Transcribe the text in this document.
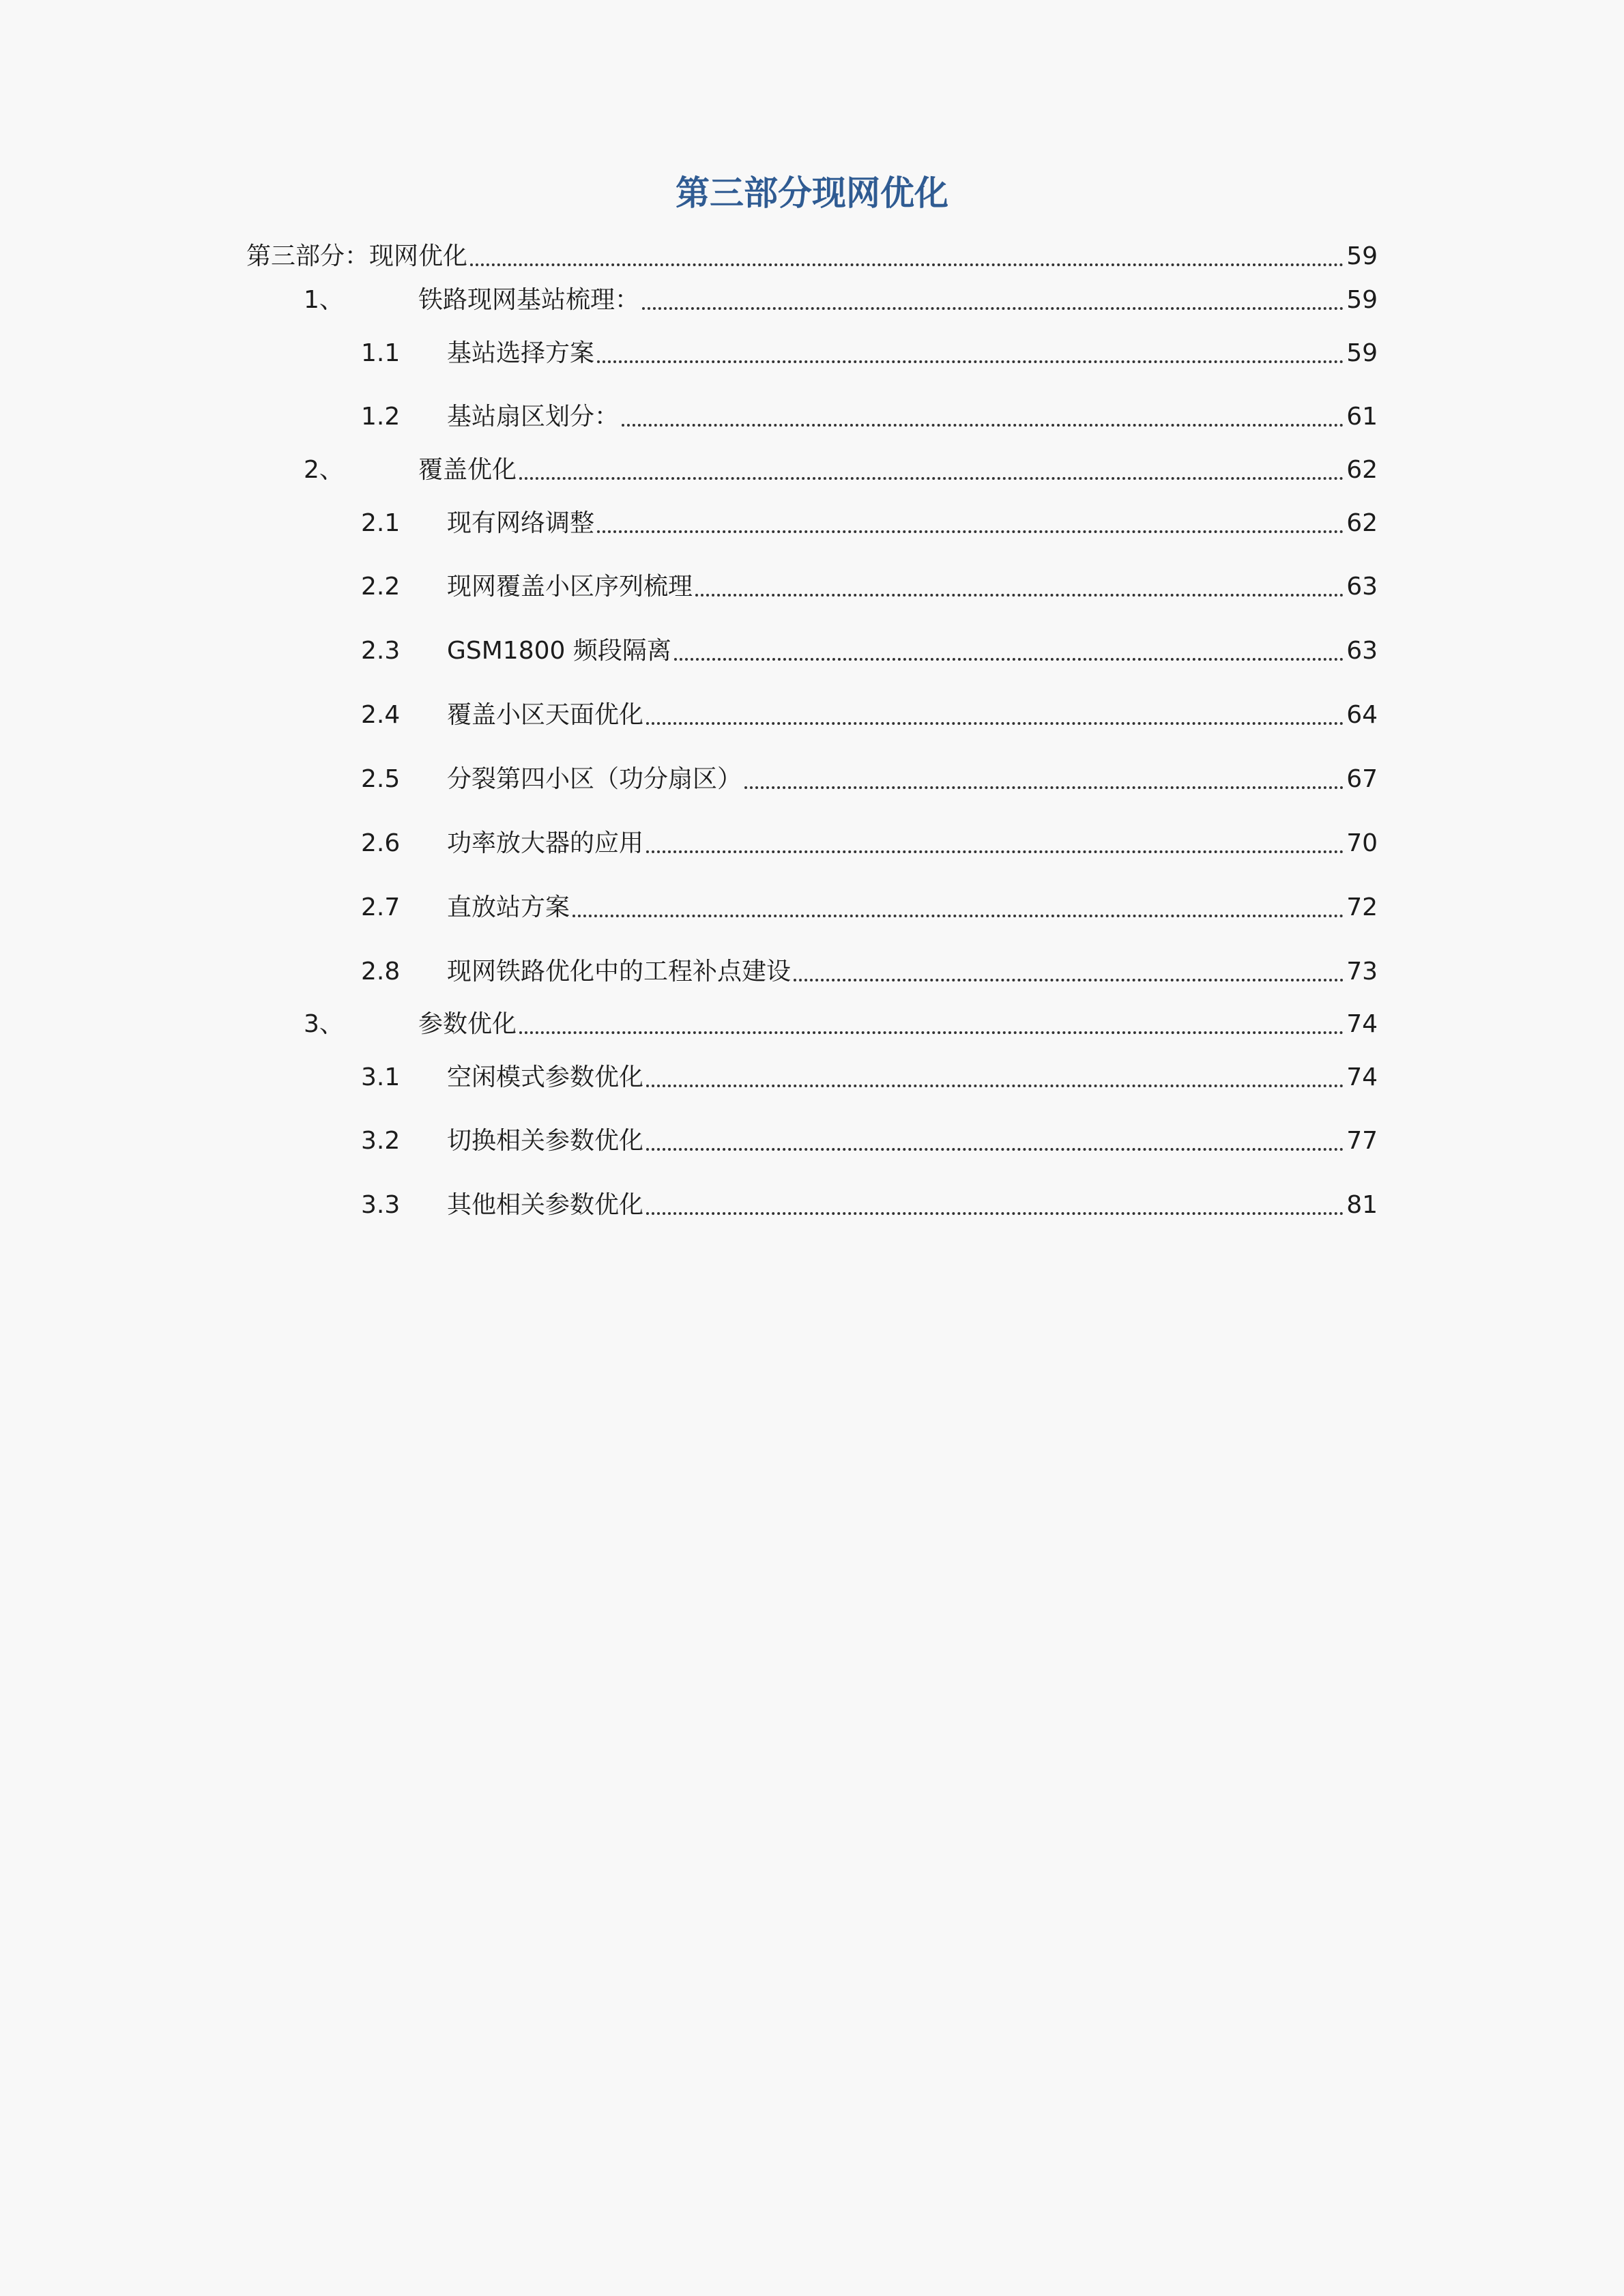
第三部分现网优化
第三部分：现网优化	59
1、	铁路现网基站梳理：	59
1.1	基站选择方案	59
1.2	基站扇区划分：	61
2、	覆盖优化	62
2.1	现有网络调整	62
2.2	现网覆盖小区序列梳理	63
2.3	GSM1800 频段隔离	63
2.4	覆盖小区天面优化	64
2.5	分裂第四小区（功分扇区）	67
2.6	功率放大器的应用	70
2.7	直放站方案	72
2.8	现网铁路优化中的工程补点建设	73
3、	参数优化	74
3.1	空闲模式参数优化	74
3.2	切换相关参数优化	77
3.3	其他相关参数优化	81
